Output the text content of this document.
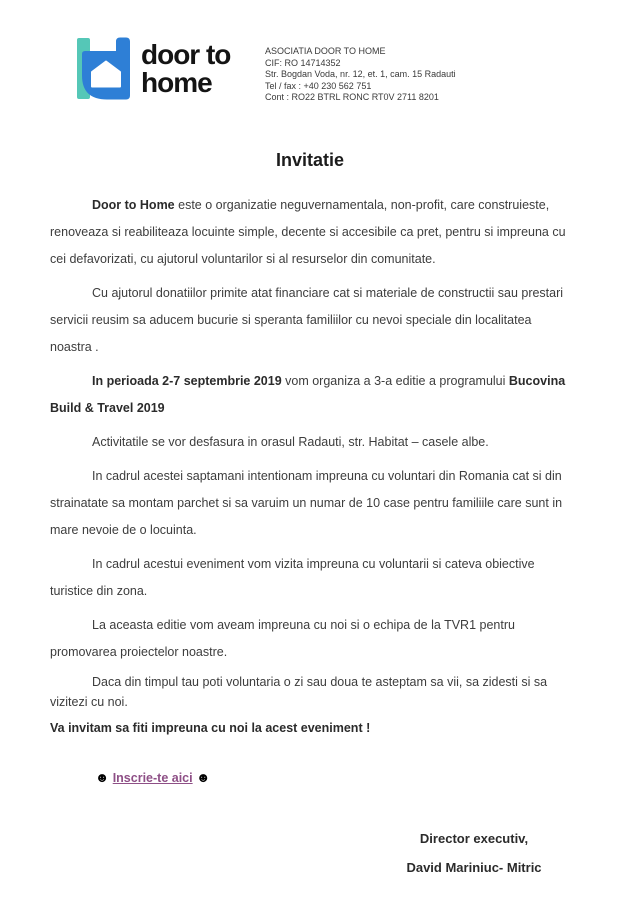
door to
home
ASOCIATIA DOOR TO HOME
CIF: RO 14714352
Str. Bogdan Voda, nr. 12, et. 1, cam. 15 Radauti
Tel / fax : +40 230 562 751
Cont : RO22 BTRL RONC RT0V 2711 8201
Invitatie

Door to Home este o organizatie neguvernamentala, non-profit, care construieste, renoveaza si reabiliteaza locuinte simple, decente si accesibile ca pret, pentru si impreuna cu cei defavorizati, cu ajutorul voluntarilor si al resurselor din comunitate.

Cu ajutorul donatiilor primite atat financiare cat si materiale de constructii sau prestari servicii reusim sa aducem bucurie si speranta familiilor cu nevoi speciale din localitatea noastra .

In perioada 2-7 septembrie 2019 vom organiza a 3-a editie a programului Bucovina Build & Travel 2019

Activitatile se vor desfasura in orasul Radauti, str. Habitat – casele albe.

In cadrul acestei saptamani intentionam impreuna cu voluntari din Romania cat si din strainatate sa montam parchet si sa varuim un numar de 10 case pentru familiile care sunt in mare nevoie de o locuinta.

In cadrul acestui eveniment vom vizita impreuna cu voluntarii si cateva obiective turistice din zona.

La aceasta editie vom aveam impreuna cu noi si o echipa de la TVR1 pentru promovarea proiectelor noastre.

Daca din timpul tau poti voluntaria o zi sau doua te asteptam sa vii, sa zidesti si sa vizitezi cu noi.

Va invitam sa fiti impreuna cu noi la acest eveniment !

☻ Inscrie-te aici ☻

Director executiv,
David Mariniuc- Mitric
